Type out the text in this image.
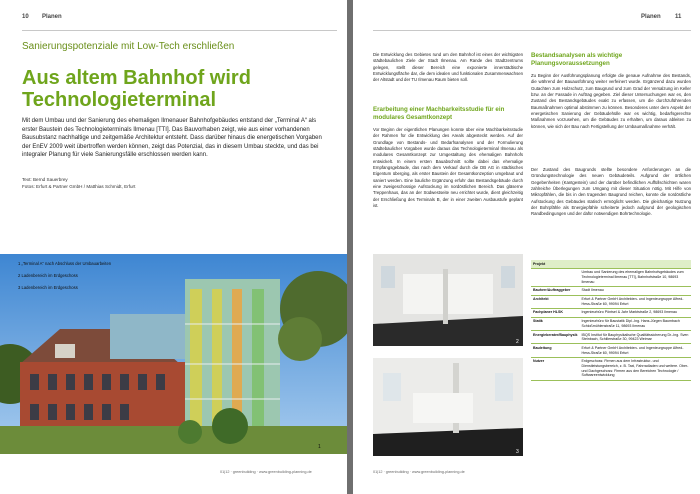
10 Planen
Sanierungspotenziale mit Low-Tech erschließen
Aus altem Bahnhof wird Technologieterminal
Mit dem Umbau und der Sanierung des ehemaligen Ilmenauer Bahnhofgebäudes entstand der „Terminal A“ als erster Baustein des Technologieterminals Ilmenau [TTI]. Das Bauvorhaben zeigt, wie aus einer vorhandenen Bausubstanz nachhaltige und zeitgemäße Architektur entsteht. Dass darüber hinaus die energetischen Vorgaben der EnEV 2009 weit übertroffen werden können, zeigt das Potenzial, das in diesem Umbau steckte, und das bei integraler Planung für viele Sanierungsfälle erschlossen werden kann.
Text: Bernd Sauerbrey
Fotos: Erfurt & Partner GmbH / Matthias Schmidt, Erfurt
1
1 „Terminal A“ nach Abschluss der Umbauarbeiten
2 Ladenbereich im Erdgeschoss
3 Ladenbereich im Erdgeschoss
01|12 · greenbuilding · www.greenbuilding-planning.de
Planen 11
Die Entwicklung des Gebietes rund um den Bahnhof ist eines der wichtigsten städtebaulichen Ziele der Stadt Ilmenau. Am Rande des Stadtzentrums gelegen, stellt dieser Bereich eine exponierte innerstädtische Entwicklungsfläche dar, die dem idealen und funktionalen Zusammenwachsen der Altstadt und der TU Ilmenau Raum bieten soll.
Erarbeitung einer Machbarkeitsstudie für ein modulares Gesamtkonzept
Vor Beginn der eigentlichen Planungen konnte über eine Machbarkeitsstudie der Rahmen für die Entwicklung des Areals abgesteckt werden. Auf der Grundlage von Bestands- und Bedarfsanalysen und der Formulierung städtebaulicher Vorgaben wurde daraus das Technologieterminal Ilmenau als modulares Gesamtkonzept zur Umgestaltung des ehemaligen Bahnhofs entwickelt. In einem ersten Bauabschnitt sollte dabei das ehemalige Empfangsgebäude, das nach dem Verkauf durch die DB AG in städtisches Eigentum überging, als erster Baustein der Gesamtkonzeption umgebaut und saniert werden. Eine bauliche Ergänzung erfuhr das Bestandsgebäude durch eine zweigeschossige Aufstockung im nordöstlichen Bereich. Das gläserne Treppenhaus, das an der Südwestseite neu errichtet wurde, dient gleichzeitig der Erschließung des Terminals B, der in einer zweiten Ausbaustufe geplant ist.
Bestandsanalysen als wichtige Planungsvoraussetzungen
Zu Beginn der Ausführungsplanung erfolgte die genaue Aufnahme des Bestands, die während der Bauausführung weiter verfeinert wurde. Ergänzend dazu wurden Gutachten zum Holzschutz, zum Baugrund und zum Grad der Versalzung im Keller bzw. an der Fassade in Auftrag gegeben. Ziel dieser Untersuchungen war es, den Zustand des Bestandsgebäudes exakt zu erfassen, um die durchzuführenden Baumaßnahmen optimal abstimmen zu können. Besonderes unter dem Aspekt der energetischen Sanierung der Gebäudehülle war es wichtig, bedarfsgerechte Maßnahmen vorzusehen, um die Gebäudes zu erhalten, um daraus ableiten zu können, wie sich der Bau nach Fertigstellung der Umbaumaßnahme verhält.
Der Zustand des Baugrunds stellte besondere Anforderungen an die Gründungstechnologie des neuen Gebäudeteils. Aufgrund der örtlichen Gegebenheiten (Kantgestein) und der darüber befindlichen Auffüllschichten waren zahlreiche Überlegungen zum Umgang mit dieser Situation nötig. Mit Hilfe von Mikropfählen, die bis in den tragenden Baugrund reichen, konnte die nordöstliche Aufstockung des Gebäudes statisch ermöglicht werden. Die gleichartige Nutzung der Bohrpfähle als Energiepfähle scheiterte jedoch aufgrund der geologischen Randbedingungen und der dafür notwendigen Bohrtechnologie.
2
3
Projekt	
	Umbau und Sanierung des ehemaligen Bahnhofsgebäudes zum Technologieterminal Ilmenau [TTI], Bahnhofstraße 10, 98693 Ilmenau
Bauherr/Auftraggeber	Stadt Ilmenau
Architekt	Erfurt & Partner GmbH Architekten- und Ingenieurgruppe Alfred-Hess-Straße 60, 99094 Erfurt
Fachplaner HLSK	Ingenieurbüro Pöntsel & Jahr Marktstraße 2, 98693 Ilmenau
Statik	Ingenieurbüro für Baustatik Dipl.-Ing. Hans-Jürgen Baumbach Schloßmühlenstraße 11, 98693 Ilmenau
Energieberater/Bauphysik	IBQS Institut für Bauphysikalische Qualitätssicherung Dr.-Ing. Sven Steinbach, Schillerstraße 30, 99423 Weimar
Bauleitung	Erfurt & Partner GmbH Architekten- und Ingenieurgruppe Alfred-Hess-Straße 60, 99094 Erfurt
Nutzer	Erdgeschoss: Firmen aus dem Infrastruktur- und Dienstleistungsbereich, z. B. Taxi, Fahrradladen und weitere. Ober- und Dachgeschoss: Firmen aus den Bereichen Technologie / Softwareentwicklung
01|12 · greenbuilding · www.greenbuilding-planning.de
